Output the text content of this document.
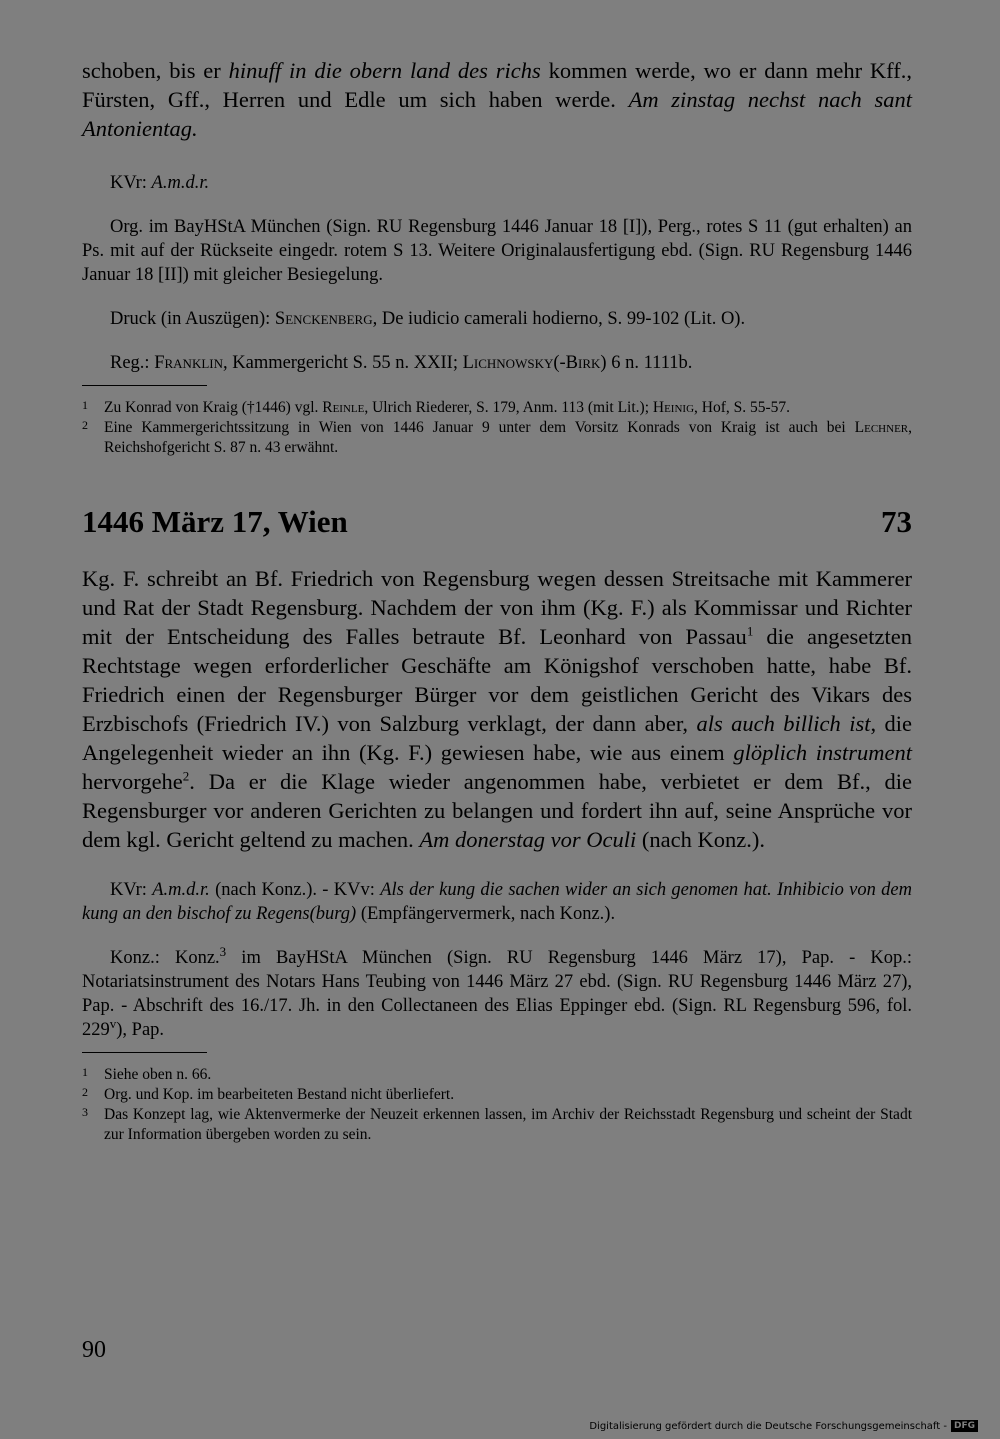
schoben, bis er hinuff in die obern land des richs kommen werde, wo er dann mehr Kff., Fürsten, Gff., Herren und Edle um sich haben werde. Am zinstag nechst nach sant Antonientag.

KVr: A.m.d.r.

Org. im BayHStA München (Sign. RU Regensburg 1446 Januar 18 [I]), Perg., rotes S 11 (gut erhalten) an Ps. mit auf der Rückseite eingedr. rotem S 13. Weitere Originalausfertigung ebd. (Sign. RU Regensburg 1446 Januar 18 [II]) mit gleicher Besiegelung.

Druck (in Auszügen): Senckenberg, De iudicio camerali hodierno, S. 99-102 (Lit. O).

Reg.: Franklin, Kammergericht S. 55 n. XXII; Lichnowsky(-Birk) 6 n. 1111b.

1 Zu Konrad von Kraig (†1446) vgl. Reinle, Ulrich Riederer, S. 179, Anm. 113 (mit Lit.); Heinig, Hof, S. 55-57.
2 Eine Kammergerichtssitzung in Wien von 1446 Januar 9 unter dem Vorsitz Konrads von Kraig ist auch bei Lechner, Reichshofgericht S. 87 n. 43 erwähnt.
1446 März 17, Wien	73

Kg. F. schreibt an Bf. Friedrich von Regensburg wegen dessen Streitsache mit Kammerer und Rat der Stadt Regensburg. Nachdem der von ihm (Kg. F.) als Kommissar und Richter mit der Entscheidung des Falles betraute Bf. Leonhard von Passau$^1$ die angesetzten Rechtstage wegen erforderlicher Geschäfte am Königshof verschoben hatte, habe Bf. Friedrich einen der Regensburger Bürger vor dem geistlichen Gericht des Vikars des Erzbischofs (Friedrich IV.) von Salzburg verklagt, der dann aber, als auch billich ist, die Angelegenheit wieder an ihn (Kg. F.) gewiesen habe, wie aus einem glöplich instrument hervorgehe$^2$. Da er die Klage wieder angenommen habe, verbietet er dem Bf., die Regensburger vor anderen Gerichten zu belangen und fordert ihn auf, seine Ansprüche vor dem kgl. Gericht geltend zu machen. Am donerstag vor Oculi (nach Konz.).

KVr: A.m.d.r. (nach Konz.). - KVv: Als der kung die sachen wider an sich genomen hat. Inhibicio von dem kung an den bischof zu Regens(burg) (Empfängervermerk, nach Konz.).

Konz.: Konz.$^3$ im BayHStA München (Sign. RU Regensburg 1446 März 17), Pap. - Kop.: Notariatsinstrument des Notars Hans Teubing von 1446 März 27 ebd. (Sign. RU Regensburg 1446 März 27), Pap. - Abschrift des 16./17. Jh. in den Collectaneen des Elias Eppinger ebd. (Sign. RL Regensburg 596, fol. 229$^v$), Pap.

1 Siehe oben n. 66.
2 Org. und Kop. im bearbeiteten Bestand nicht überliefert.
3 Das Konzept lag, wie Aktenvermerke der Neuzeit erkennen lassen, im Archiv der Reichsstadt Regensburg und scheint der Stadt zur Information übergeben worden zu sein.
90
Digitalisierung gefördert durch die Deutsche Forschungsgemeinschaft - DFG
